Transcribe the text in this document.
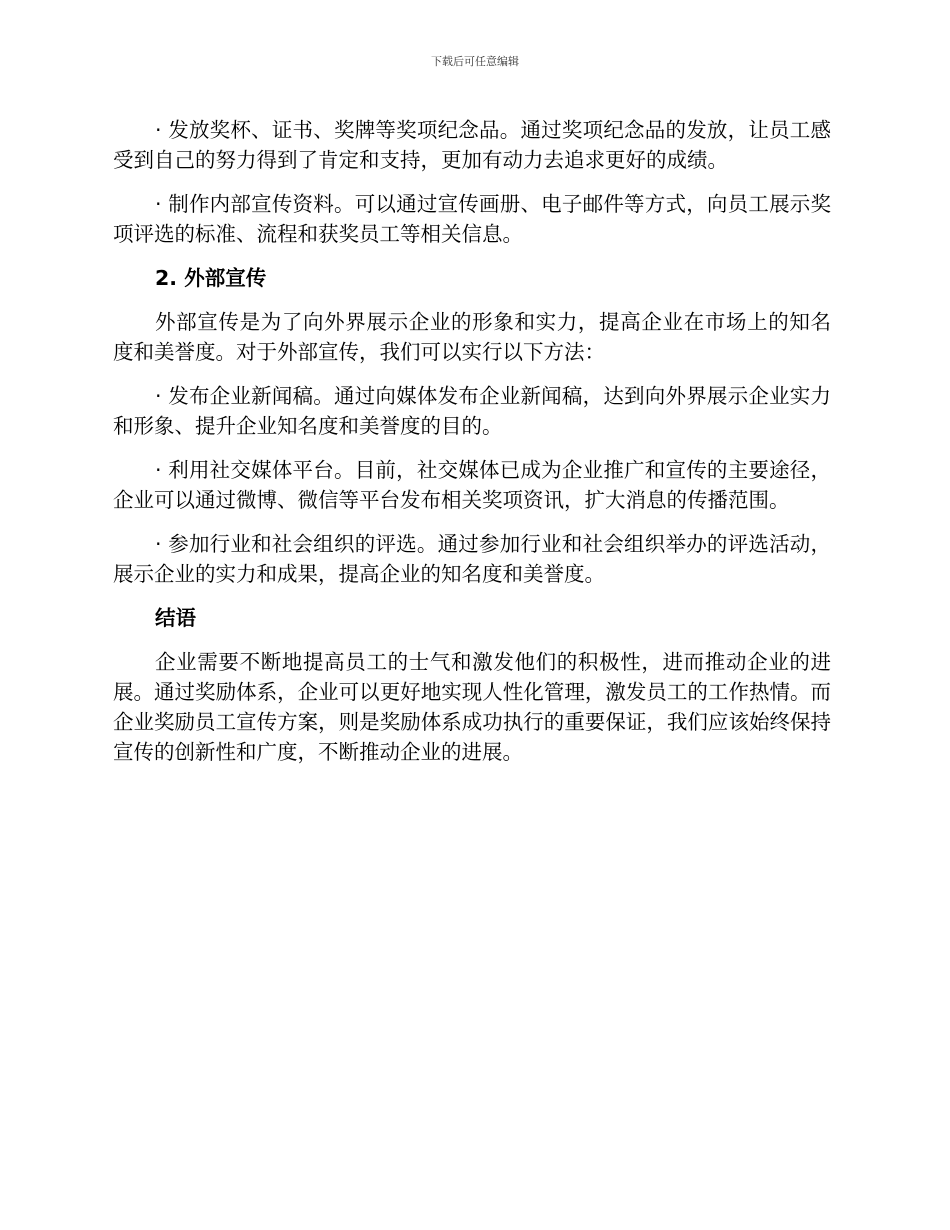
下载后可任意编辑

· 发放奖杯、证书、奖牌等奖项纪念品。通过奖项纪念品的发放，让员工感受到自己的努力得到了肯定和支持，更加有动力去追求更好的成绩。

· 制作内部宣传资料。可以通过宣传画册、电子邮件等方式，向员工展示奖项评选的标准、流程和获奖员工等相关信息。

2. 外部宣传

外部宣传是为了向外界展示企业的形象和实力，提高企业在市场上的知名度和美誉度。对于外部宣传，我们可以实行以下方法：

· 发布企业新闻稿。通过向媒体发布企业新闻稿，达到向外界展示企业实力和形象、提升企业知名度和美誉度的目的。

· 利用社交媒体平台。目前，社交媒体已成为企业推广和宣传的主要途径，企业可以通过微博、微信等平台发布相关奖项资讯，扩大消息的传播范围。

· 参加行业和社会组织的评选。通过参加行业和社会组织举办的评选活动，展示企业的实力和成果，提高企业的知名度和美誉度。

结语

企业需要不断地提高员工的士气和激发他们的积极性，进而推动企业的进展。通过奖励体系，企业可以更好地实现人性化管理，激发员工的工作热情。而企业奖励员工宣传方案，则是奖励体系成功执行的重要保证，我们应该始终保持宣传的创新性和广度，不断推动企业的进展。
